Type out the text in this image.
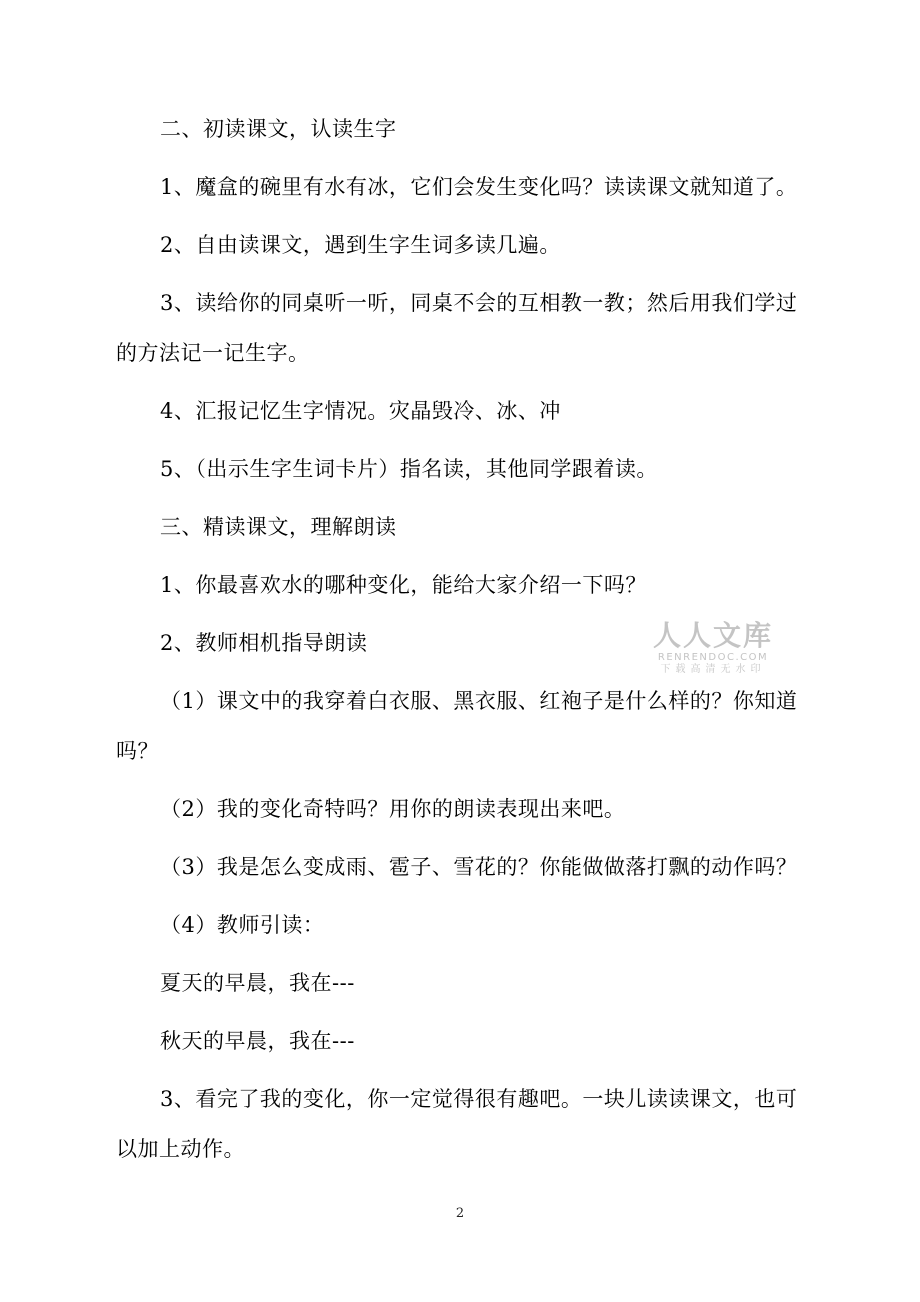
二、初读课文，认读生字
1、魔盒的碗里有水有冰，它们会发生变化吗？读读课文就知道了。
2、自由读课文，遇到生字生词多读几遍。
3、读给你的同桌听一听，同桌不会的互相教一教；然后用我们学过
的方法记一记生字。
4、汇报记忆生字情况。灾晶毁冷、冰、冲
5、（出示生字生词卡片）指名读，其他同学跟着读。
三、精读课文，理解朗读
1、你最喜欢水的哪种变化，能给大家介绍一下吗？
2、教师相机指导朗读
（1）课文中的我穿着白衣服、黑衣服、红袍子是什么样的？你知道
吗？
（2）我的变化奇特吗？用你的朗读表现出来吧。
（3）我是怎么变成雨、雹子、雪花的？你能做做落打飘的动作吗？
（4）教师引读：
夏天的早晨，我在---
秋天的早晨，我在---
3、看完了我的变化，你一定觉得很有趣吧。一块儿读读课文，也可
以加上动作。
人人文库
RENRENDOC.COM
下载高清无水印
2
